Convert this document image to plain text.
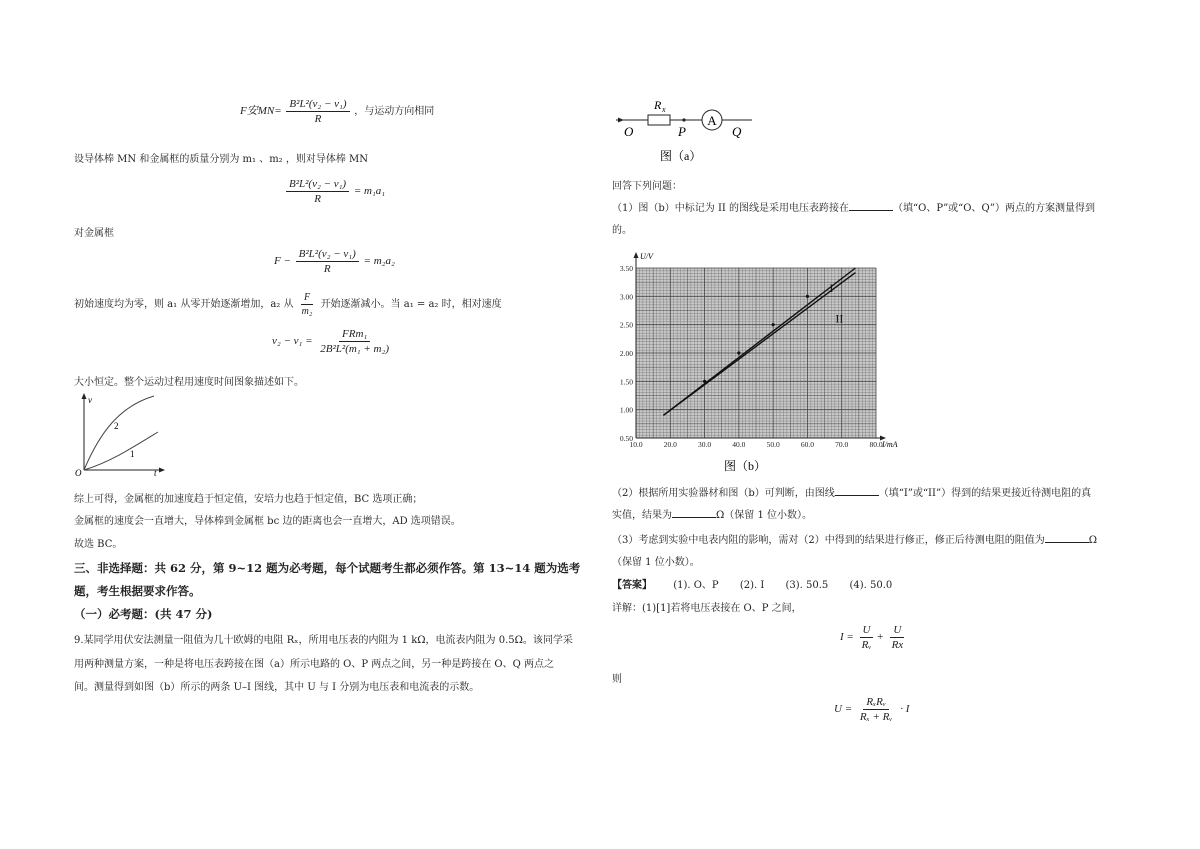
F安$MN= \frac{\text{B²L²(v₂ − v₁)}}{R}$ ，与运动方向相同
设导体棒 MN 和金属框的质量分别为 m₁ 、m₂ ，则对导体棒 MN
$\frac{\text{B²L²(v₂ − v₁)}}{R} = m_1a_1$
对金属框
$F - \frac{\text{B²L²(v₂ − v₁)}}{R} = m_2a_2$
初始速度均为零，则 a₁ 从零开始逐渐增加，a₂ 从 $\frac{F}{\text{m₂}}$ 开始逐渐减小。当 a₁ = a₂ 时，相对速度
$v_2 - v_1 = \frac{\text{FRm₁}}{\text{2B²L²(m₁ + m₂)}}$
大小恒定。整个运动过程用速度时间图象描述如下。
v
t
O
2
1
综上可得，金属框的加速度趋于恒定值，安培力也趋于恒定值，BC 选项正确；
金属框的速度会一直增大，导体棒到金属框 bc 边的距离也会一直增大，AD 选项错误。
故选 BC。
三、非选择题：共 62 分，第 9~12 题为必考题，每个试题考生都必须作答。第 13~14 题为选考
题，考生根据要求作答。
（一）必考题：(共 47 分)
9.某同学用伏安法测量一阻值为几十欧姆的电阻 Rₓ，所用电压表的内阻为 1 kΩ，电流表内阻为 0.5Ω。该同学采
用两种测量方案，一种是将电压表跨接在图（a）所示电路的 O、P 两点之间，另一种是跨接在 O、Q 两点之
间。测量得到如图（b）所示的两条 U–I 图线，其中 U 与 I 分别为电压表和电流表的示数。
A
R x
O	P	Q
图（a）
回答下列问题：
（1）图（b）中标记为 II 的图线是采用电压表跨接在	（填“O、P”或“O、Q”）两点的方案测量得到
的。
I
II
10.0	20.0	30.0	40.0	50.0	60.0	70.0	80.0
0.50
1.00
1.50
2.00
2.50
3.00
3.50
U/V
I/mA
图（b）
（2）根据所用实验器材和图（b）可判断，由图线	（填“I”或“II”）得到的结果更接近待测电阻的真
实值，结果为	Ω（保留 1 位小数）。
（3）考虑到实验中电表内阻的影响，需对（2）中得到的结果进行修正，修正后待测电阻的阻值为	Ω
（保留 1 位小数）。
【答案】 (1). O、P (2). I (3). 50.5 (4). 50.0
详解：(1)[1]若将电压表接在 O、P 之间，
$I = \frac{U}{\text{Rᵥ}} + \frac{U}{Rx}$
则
$U = \frac{\text{RₓRᵥ}}{\text{Rₓ + Rᵥ}} \cdot I$
